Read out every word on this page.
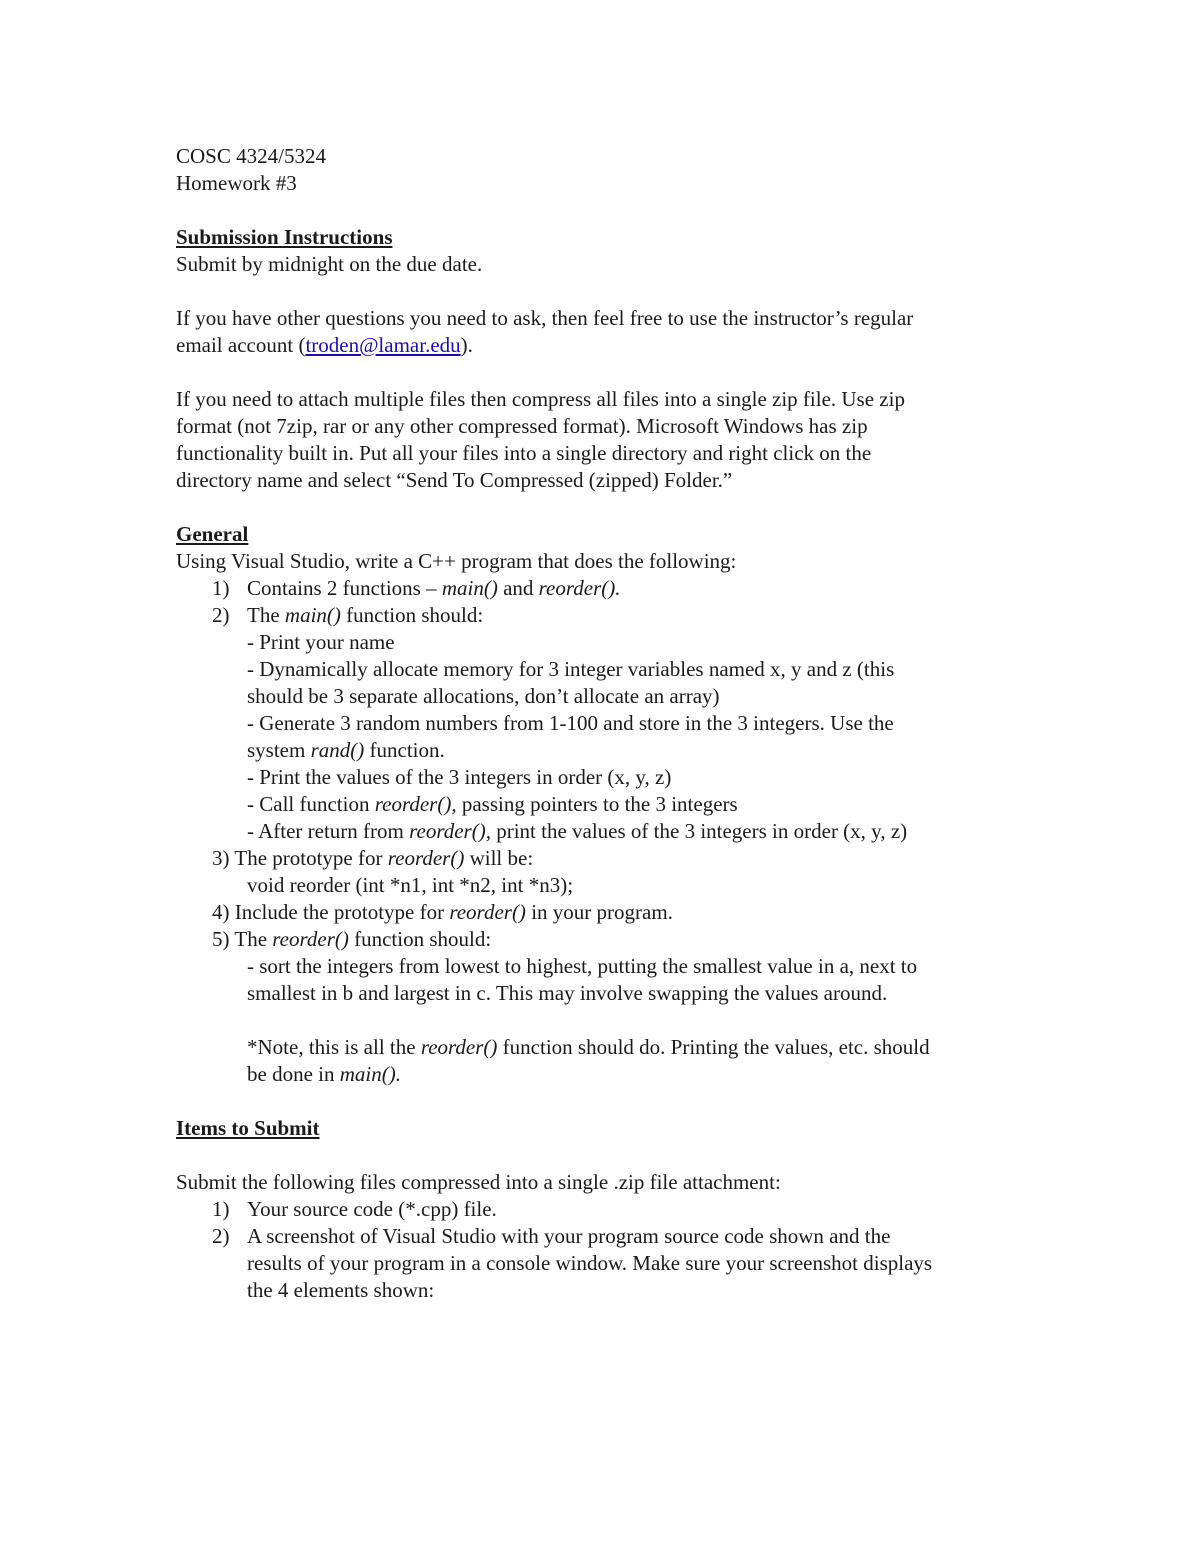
COSC 4324/5324
Homework #3
Submission Instructions
Submit by midnight on the due date.
If you have other questions you need to ask, then feel free to use the instructor’s regular
email account (troden@lamar.edu).
If you need to attach multiple files then compress all files into a single zip file. Use zip
format (not 7zip, rar or any other compressed format). Microsoft Windows has zip
functionality built in. Put all your files into a single directory and right click on the
directory name and select “Send To Compressed (zipped) Folder.”
General
Using Visual Studio, write a C++ program that does the following:
1) Contains 2 functions – main() and reorder().
2) The main() function should:
- Print your name
- Dynamically allocate memory for 3 integer variables named x, y and z (this
should be 3 separate allocations, don’t allocate an array)
- Generate 3 random numbers from 1-100 and store in the 3 integers. Use the
system rand() function.
- Print the values of the 3 integers in order (x, y, z)
- Call function reorder(), passing pointers to the 3 integers
- After return from reorder(), print the values of the 3 integers in order (x, y, z)
3) The prototype for reorder() will be:
void reorder (int *n1, int *n2, int *n3);
4) Include the prototype for reorder() in your program.
5) The reorder() function should:
- sort the integers from lowest to highest, putting the smallest value in a, next to
smallest in b and largest in c. This may involve swapping the values around.
*Note, this is all the reorder() function should do. Printing the values, etc. should
be done in main().
Items to Submit
Submit the following files compressed into a single .zip file attachment:
1) Your source code (*.cpp) file.
2) A screenshot of Visual Studio with your program source code shown and the
results of your program in a console window. Make sure your screenshot displays
the 4 elements shown:
